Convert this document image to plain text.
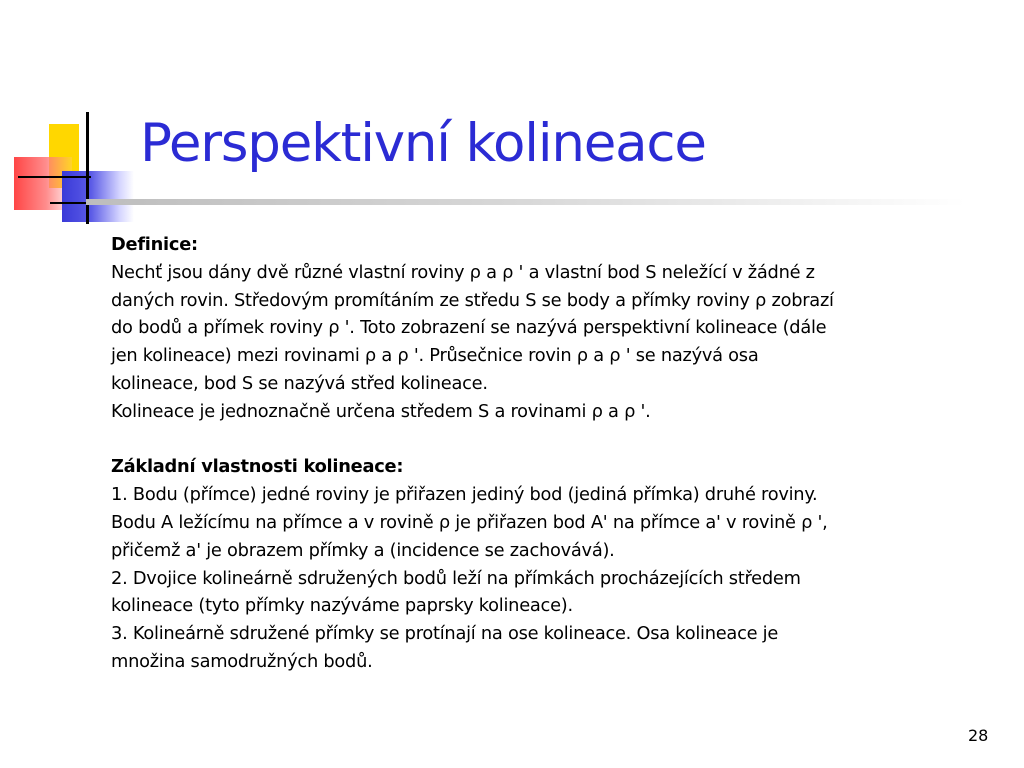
Perspektivní kolineace

Definice:

Nechť jsou dány dvě různé vlastní roviny ρ a ρ ' a vlastní bod S neležící v žádné z

daných rovin. Středovým promítáním ze středu S se body a přímky roviny ρ zobrazí

do bodů a přímek roviny ρ '. Toto zobrazení se nazývá perspektivní kolineace (dále

jen kolineace) mezi rovinami ρ a ρ '. Průsečnice rovin ρ a ρ ' se nazývá osa

kolineace, bod S se nazývá střed kolineace.

Kolineace je jednoznačně určena středem S a rovinami ρ a ρ '.

Základní vlastnosti kolineace:

1. Bodu (přímce) jedné roviny je přiřazen jediný bod (jediná přímka) druhé roviny.

Bodu A ležícímu na přímce a v rovině ρ je přiřazen bod A' na přímce a' v rovině ρ ',

přičemž a' je obrazem přímky a (incidence se zachovává).

2. Dvojice kolineárně sdružených bodů leží na přímkách procházejících středem

kolineace (tyto přímky nazýváme paprsky kolineace).

3. Kolineárně sdružené přímky se protínají na ose kolineace. Osa kolineace je

množina samodružných bodů.

28
